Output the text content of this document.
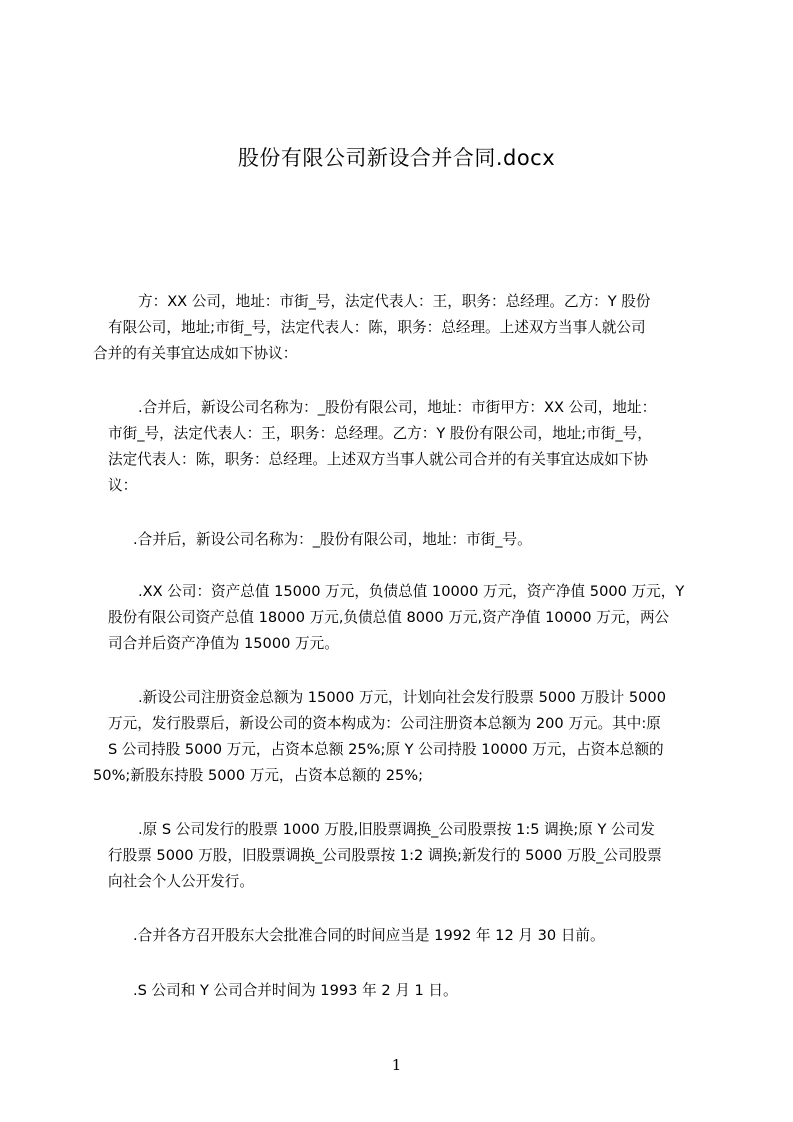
股份有限公司新设合并合同.docx
方：XX 公司，地址：市街_号，法定代表人：王，职务：总经理。乙方：Y 股份
有限公司，地址;市街_号，法定代表人：陈，职务：总经理。上述双方当事人就公司
合并的有关事宜达成如下协议：
.合并后，新设公司名称为：_股份有限公司，地址：市街甲方：XX 公司，地址：
市街_号，法定代表人：王，职务：总经理。乙方：Y 股份有限公司，地址;市街_号，
法定代表人：陈，职务：总经理。上述双方当事人就公司合并的有关事宜达成如下协
议：
.合并后，新设公司名称为：_股份有限公司，地址：市街_号。
.XX 公司：资产总值 15000 万元，负债总值 10000 万元，资产净值 5000 万元，Y
股份有限公司资产总值 18000 万元,负债总值 8000 万元,资产净值 10000 万元，两公
司合并后资产净值为 15000 万元。
.新设公司注册资金总额为 15000 万元，计划向社会发行股票 5000 万股计 5000
万元，发行股票后，新设公司的资本构成为：公司注册资本总额为 200 万元。其中:原
S 公司持股 5000 万元，占资本总额 25%;原 Y 公司持股 10000 万元，占资本总额的
50%;新股东持股 5000 万元，占资本总额的 25%;
.原 S 公司发行的股票 1000 万股,旧股票调换_公司股票按 1:5 调换;原 Y 公司发
行股票 5000 万股，旧股票调换_公司股票按 1:2 调换;新发行的 5000 万股_公司股票
向社会个人公开发行。
.合并各方召开股东大会批准合同的时间应当是 1992 年 12 月 30 日前。
.S 公司和 Y 公司合并时间为 1993 年 2 月 1 日。
1
